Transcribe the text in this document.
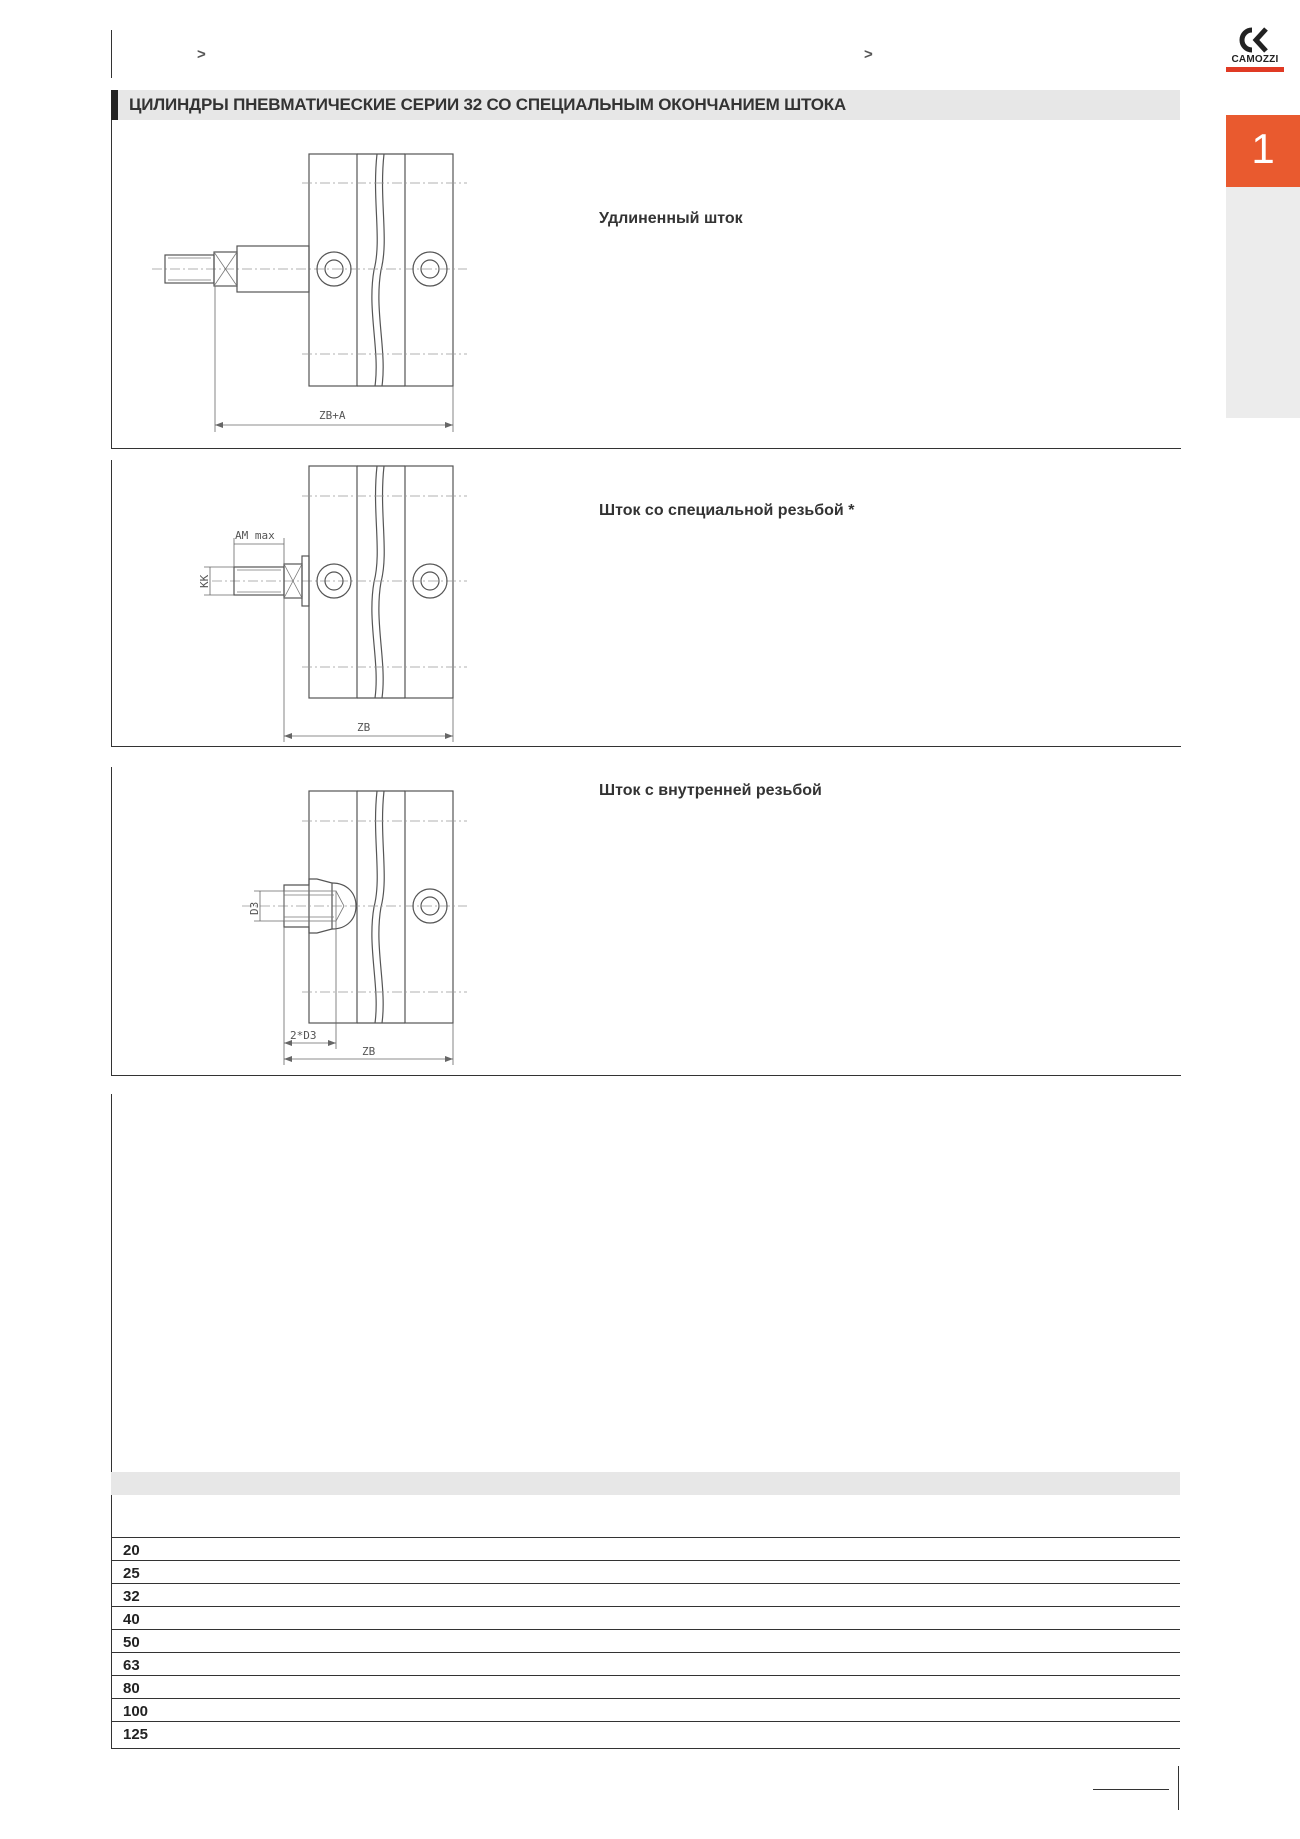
>	>	CAMOZZI
1
ЦИЛИНДРЫ ПНЕВМАТИЧЕСКИЕ СЕРИИ 32 СО СПЕЦИАЛЬНЫМ ОКОНЧАНИЕМ ШТОКА
Удлиненный шток
ZB+A
Шток со специальной резьбой *
AM max
KK
ZB
Шток с внутренней резьбой
D3
2*D3
ZB
20
25
32
40
50
63
80
100
125
